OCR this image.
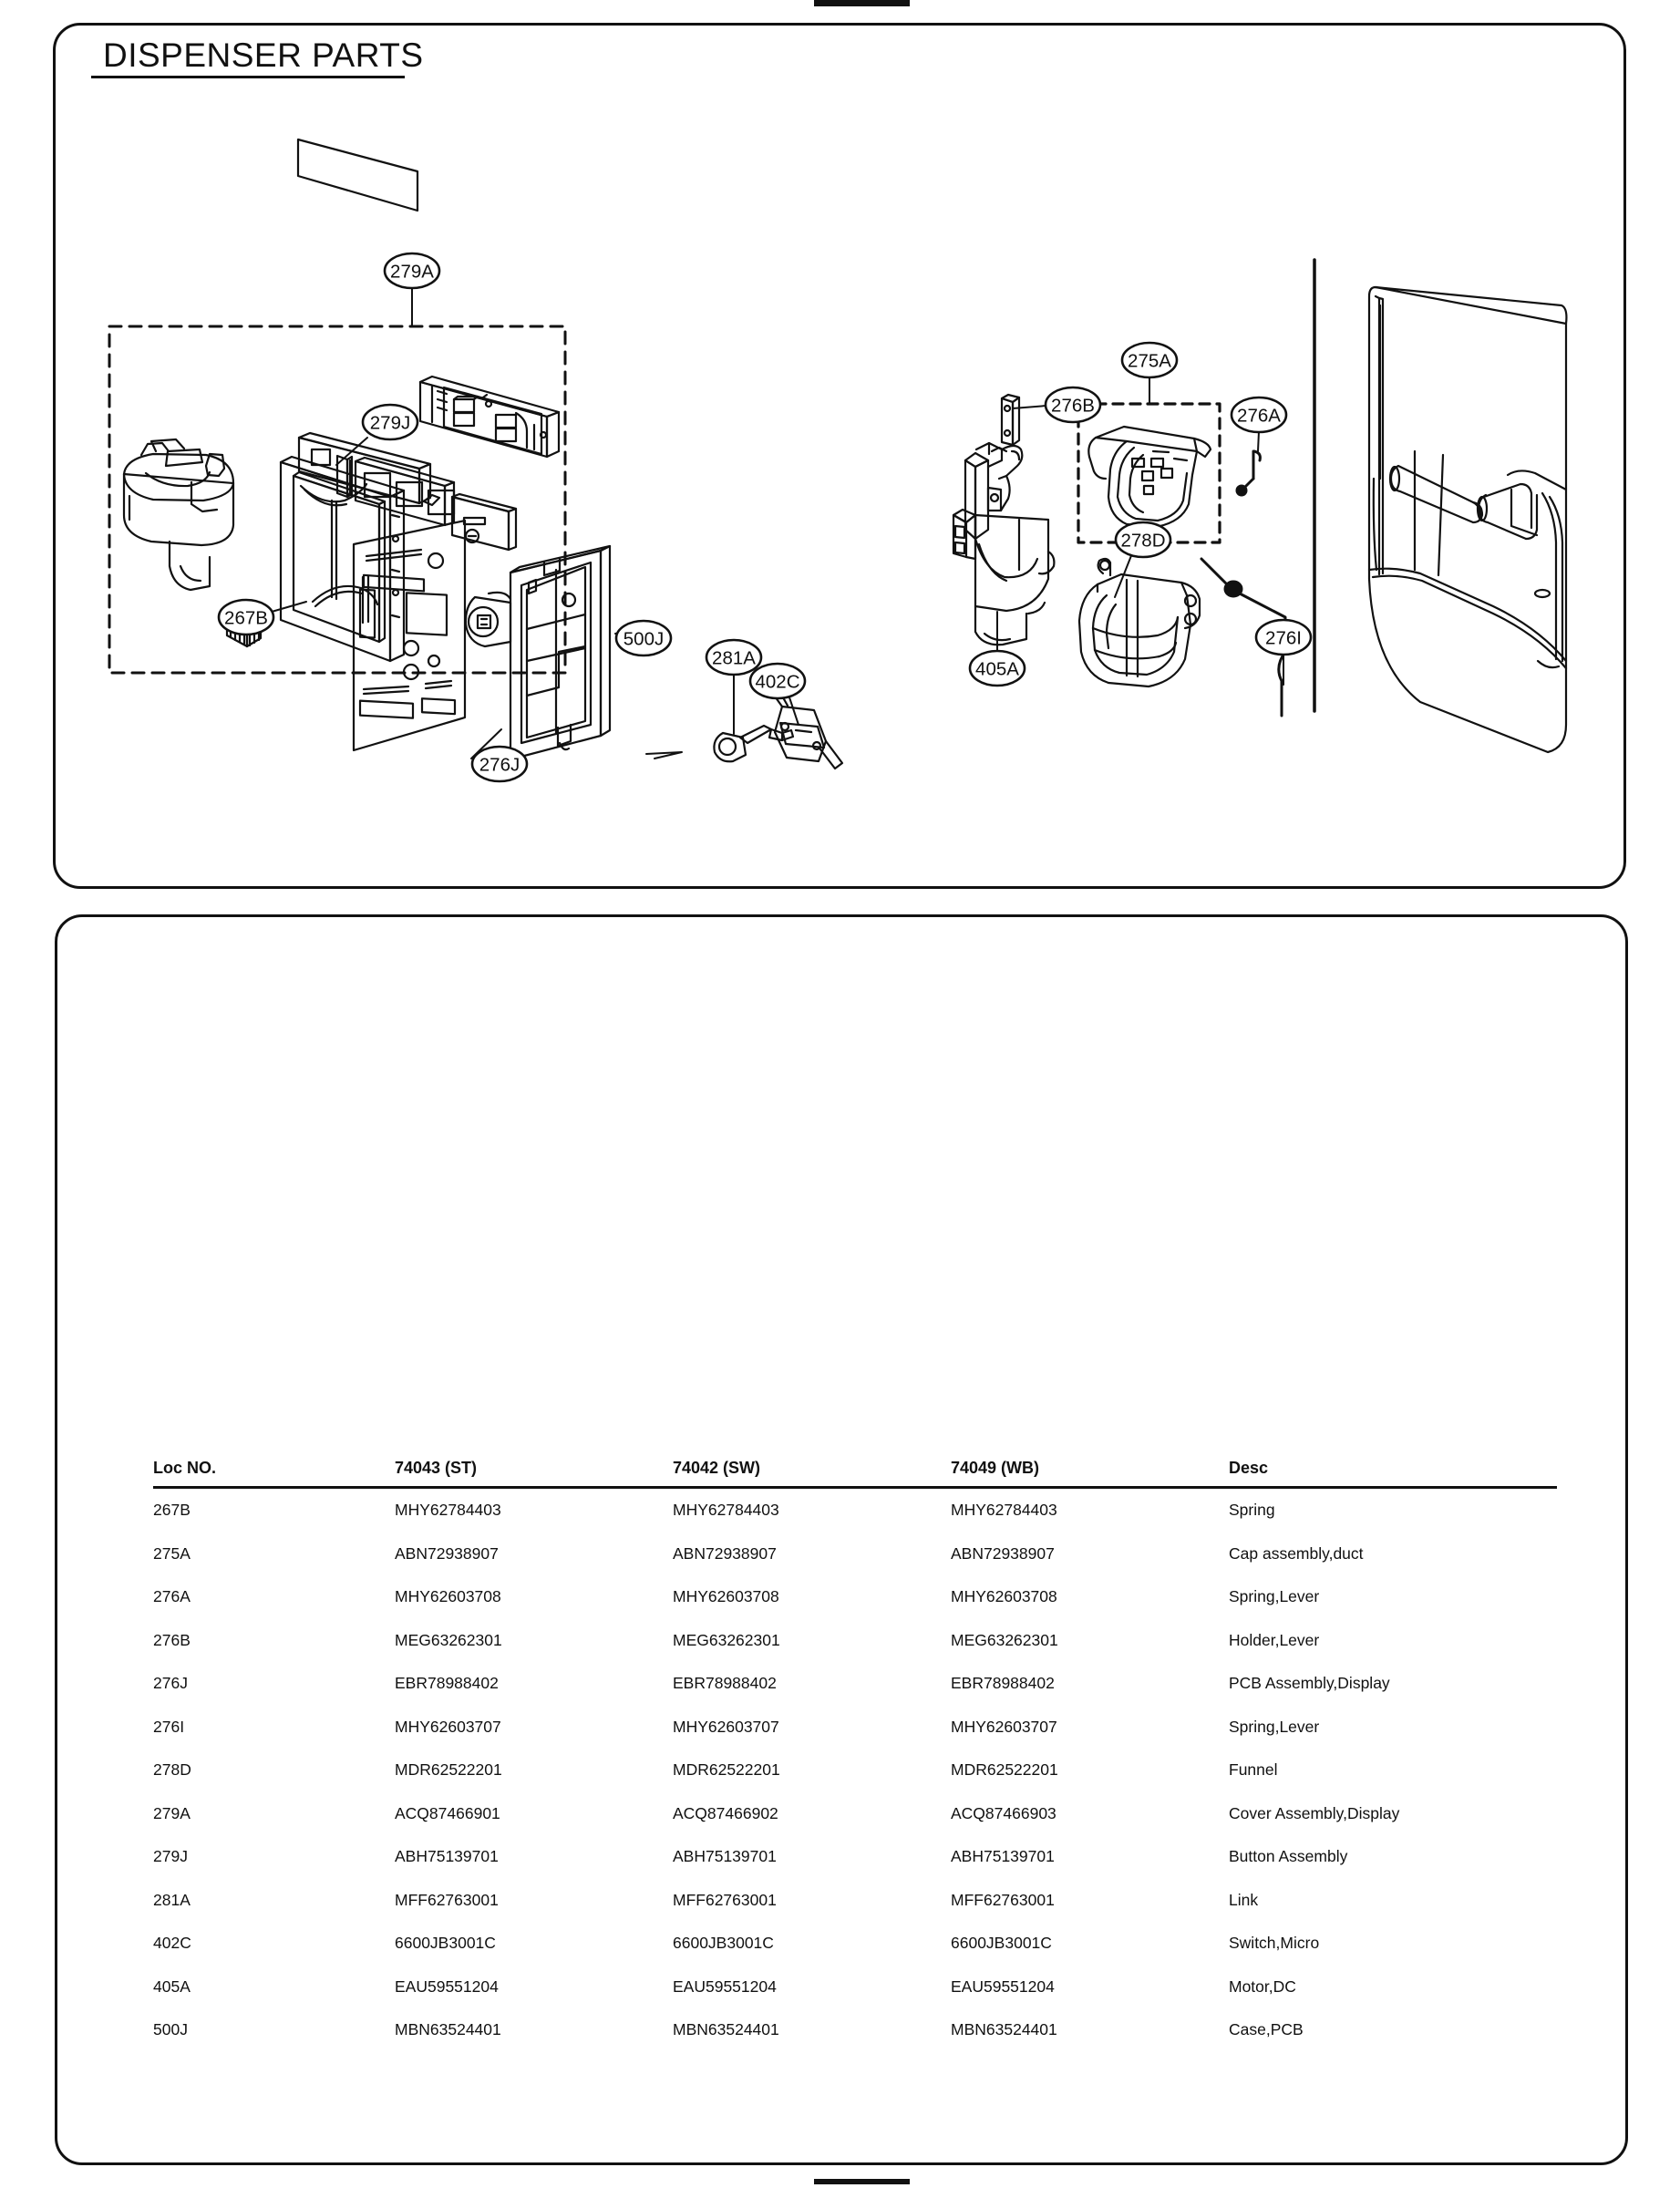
DISPENSER PARTS
279A
279J
402C
281A
276J
267B
500J
276B
275A
276A
276I
405A
278D
Loc NO.	74043 (ST)	74042 (SW)	74049 (WB)	Desc
267B	MHY62784403	MHY62784403	MHY62784403	Spring
275A	ABN72938907	ABN72938907	ABN72938907	Cap assembly,duct
276A	MHY62603708	MHY62603708	MHY62603708	Spring,Lever
276B	MEG63262301	MEG63262301	MEG63262301	Holder,Lever
276J	EBR78988402	EBR78988402	EBR78988402	PCB Assembly,Display
276I	MHY62603707	MHY62603707	MHY62603707	Spring,Lever
278D	MDR62522201	MDR62522201	MDR62522201	Funnel
279A	ACQ87466901	ACQ87466902	ACQ87466903	Cover Assembly,Display
279J	ABH75139701	ABH75139701	ABH75139701	Button Assembly
281A	MFF62763001	MFF62763001	MFF62763001	Link
402C	6600JB3001C	6600JB3001C	6600JB3001C	Switch,Micro
405A	EAU59551204	EAU59551204	EAU59551204	Motor,DC
500J	MBN63524401	MBN63524401	MBN63524401	Case,PCB
